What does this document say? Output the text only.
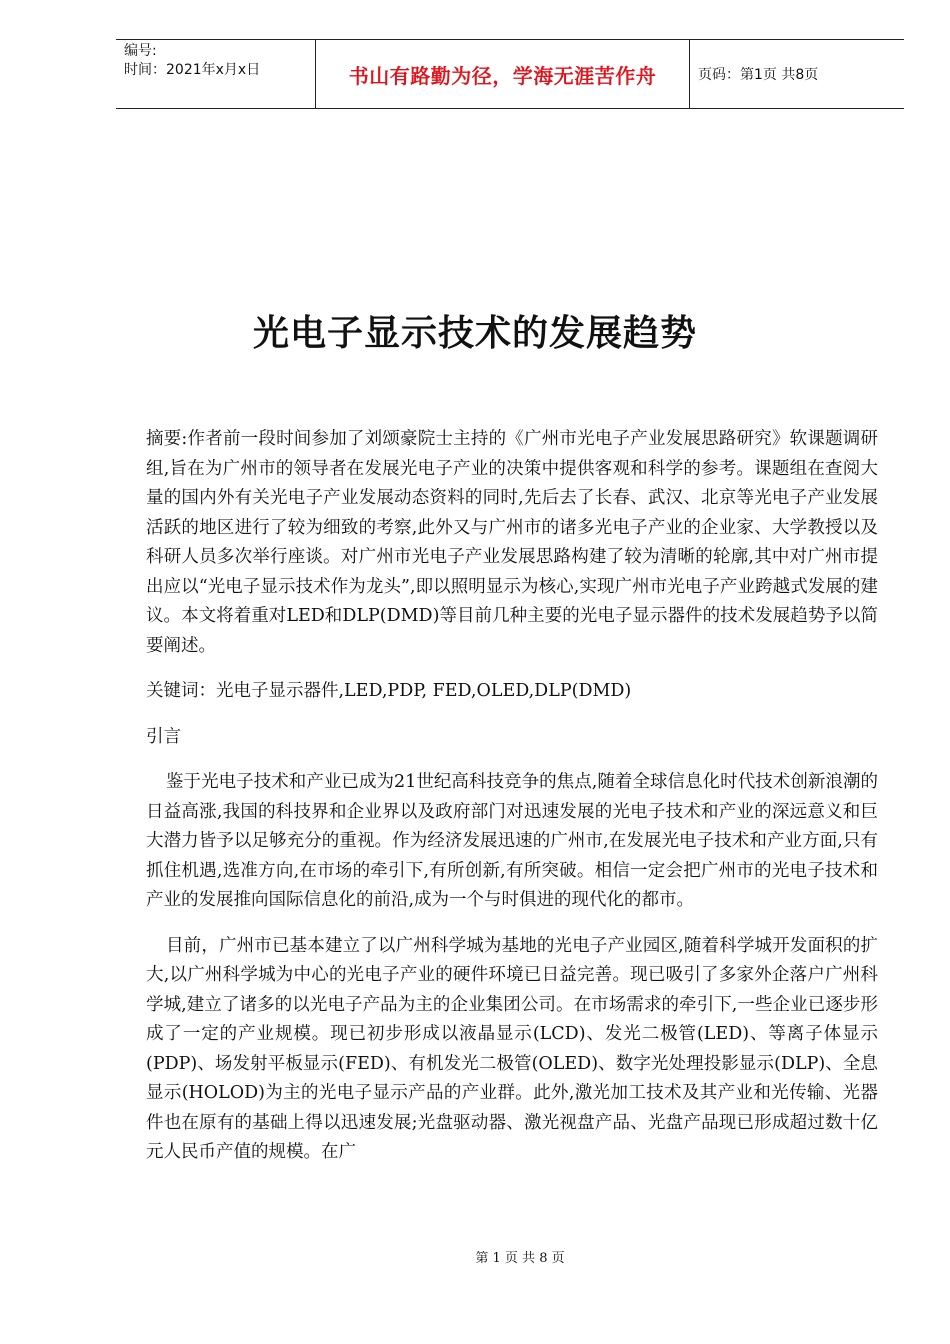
编号:
时间：2021年x月x日	书山有路勤为径，学海无涯苦作舟	页码：第1页 共8页
光电子显示技术的发展趋势

摘要:作者前一段时间参加了刘颂豪院士主持的《广州市光电子产业发展思路研究》软课题调研组,旨在为广州市的领导者在发展光电子产业的决策中提供客观和科学的参考。课题组在查阅大量的国内外有关光电子产业发展动态资料的同时,先后去了长春、武汉、北京等光电子产业发展活跃的地区进行了较为细致的考察,此外又与广州市的诸多光电子产业的企业家、大学教授以及科研人员多次举行座谈。对广州市光电子产业发展思路构建了较为清晰的轮廓,其中对广州市提出应以“光电子显示技术作为龙头”,即以照明显示为核心,实现广州市光电子产业跨越式发展的建议。本文将着重对LED和DLP(DMD)等目前几种主要的光电子显示器件的技术发展趋势予以简要阐述。

关键词：光电子显示器件,LED,PDP, FED,OLED,DLP(DMD)

引言

鉴于光电子技术和产业已成为21世纪高科技竞争的焦点,随着全球信息化时代技术创新浪潮的日益高涨,我国的科技界和企业界以及政府部门对迅速发展的光电子技术和产业的深远意义和巨大潜力皆予以足够充分的重视。作为经济发展迅速的广州市,在发展光电子技术和产业方面,只有抓住机遇,选准方向,在市场的牵引下,有所创新,有所突破。相信一定会把广州市的光电子技术和产业的发展推向国际信息化的前沿,成为一个与时俱进的现代化的都市。

目前，广州市已基本建立了以广州科学城为基地的光电子产业园区,随着科学城开发面积的扩大,以广州科学城为中心的光电子产业的硬件环境已日益完善。现已吸引了多家外企落户广州科学城,建立了诸多的以光电子产品为主的企业集团公司。在市场需求的牵引下,一些企业已逐步形成了一定的产业规模。现已初步形成以液晶显示(LCD)、发光二极管(LED)、等离子体显示(PDP)、场发射平板显示(FED)、有机发光二极管(OLED)、数字光处理投影显示(DLP)、全息显示(HOLOD)为主的光电子显示产品的产业群。此外,激光加工技术及其产业和光传输、光器件也在原有的基础上得以迅速发展;光盘驱动器、激光视盘产品、光盘产品现已形成超过数十亿元人民币产值的规模。在广

第 1 页 共 8 页
